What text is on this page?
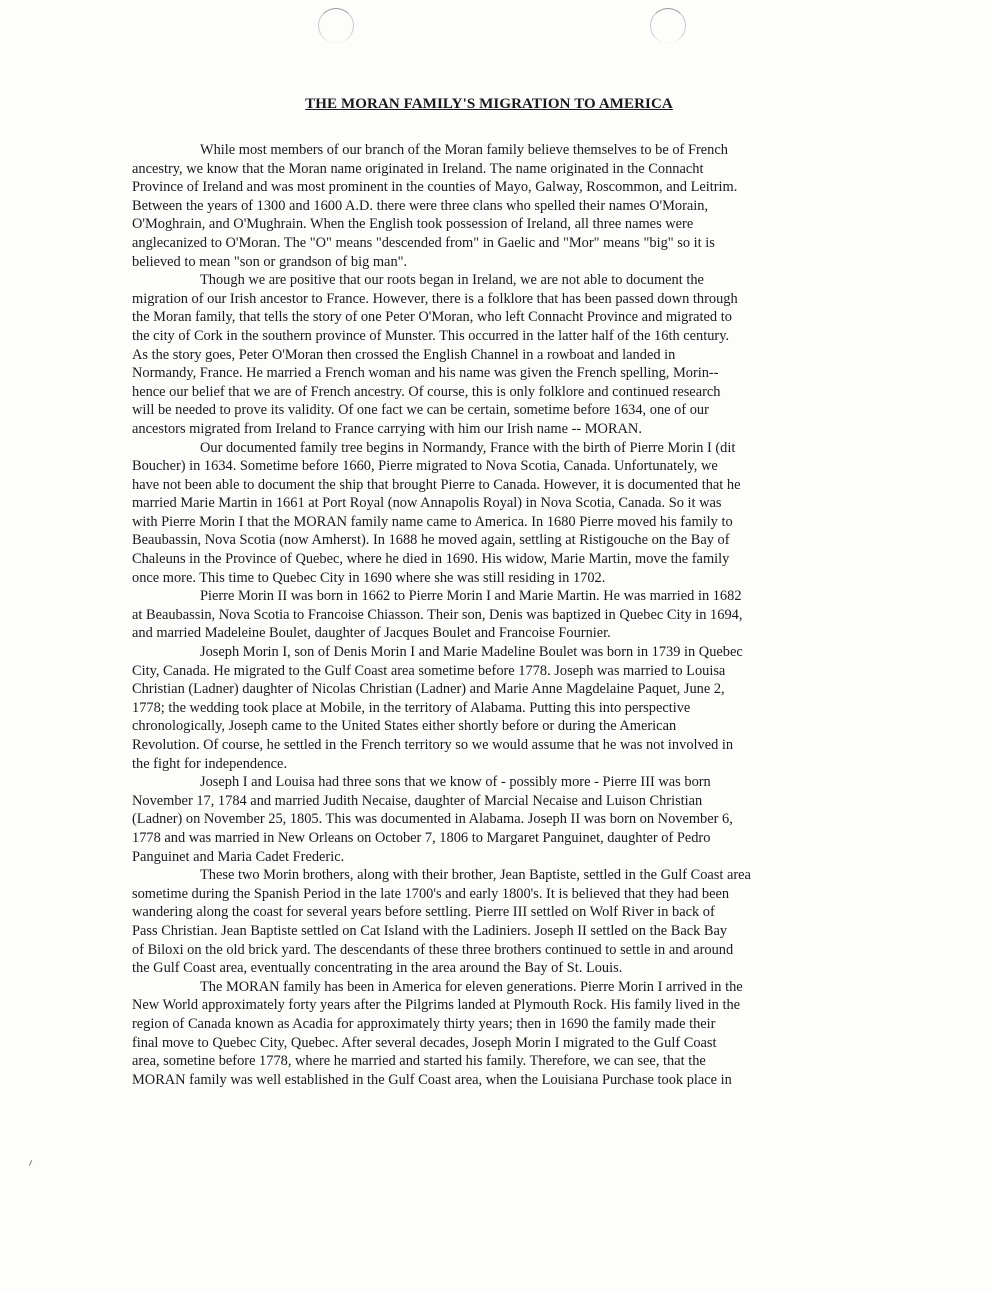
THE MORAN FAMILY'S MIGRATION TO AMERICA

While most members of our branch of the Moran family believe themselves to be of French
ancestry, we know that the Moran name originated in Ireland. The name originated in the Connacht
Province of Ireland and was most prominent in the counties of Mayo, Galway, Roscommon, and Leitrim.
Between the years of 1300 and 1600 A.D. there were three clans who spelled their names O'Morain,
O'Moghrain, and O'Mughrain. When the English took possession of Ireland, all three names were
anglecanized to O'Moran. The "O" means "descended from" in Gaelic and "Mor" means "big" so it is
believed to mean "son or grandson of big man".

Though we are positive that our roots began in Ireland, we are not able to document the
migration of our Irish ancestor to France. However, there is a folklore that has been passed down through
the Moran family, that tells the story of one Peter O'Moran, who left Connacht Province and migrated to
the city of Cork in the southern province of Munster. This occurred in the latter half of the 16th century.
As the story goes, Peter O'Moran then crossed the English Channel in a rowboat and landed in
Normandy, France. He married a French woman and his name was given the French spelling, Morin--
hence our belief that we are of French ancestry. Of course, this is only folklore and continued research
will be needed to prove its validity. Of one fact we can be certain, sometime before 1634, one of our
ancestors migrated from Ireland to France carrying with him our Irish name -- MORAN.

Our documented family tree begins in Normandy, France with the birth of Pierre Morin I (dit
Boucher) in 1634. Sometime before 1660, Pierre migrated to Nova Scotia, Canada. Unfortunately, we
have not been able to document the ship that brought Pierre to Canada. However, it is documented that he
married Marie Martin in 1661 at Port Royal (now Annapolis Royal) in Nova Scotia, Canada. So it was
with Pierre Morin I that the MORAN family name came to America. In 1680 Pierre moved his family to
Beaubassin, Nova Scotia (now Amherst). In 1688 he moved again, settling at Ristigouche on the Bay of
Chaleuns in the Province of Quebec, where he died in 1690. His widow, Marie Martin, move the family
once more. This time to Quebec City in 1690 where she was still residing in 1702.

Pierre Morin II was born in 1662 to Pierre Morin I and Marie Martin. He was married in 1682
at Beaubassin, Nova Scotia to Francoise Chiasson. Their son, Denis was baptized in Quebec City in 1694,
and married Madeleine Boulet, daughter of Jacques Boulet and Francoise Fournier.

Joseph Morin I, son of Denis Morin I and Marie Madeline Boulet was born in 1739 in Quebec
City, Canada. He migrated to the Gulf Coast area sometime before 1778. Joseph was married to Louisa
Christian (Ladner) daughter of Nicolas Christian (Ladner) and Marie Anne Magdelaine Paquet, June 2,
1778; the wedding took place at Mobile, in the territory of Alabama. Putting this into perspective
chronologically, Joseph came to the United States either shortly before or during the American
Revolution. Of course, he settled in the French territory so we would assume that he was not involved in
the fight for independence.

Joseph I and Louisa had three sons that we know of - possibly more - Pierre III was born
November 17, 1784 and married Judith Necaise, daughter of Marcial Necaise and Luison Christian
(Ladner) on November 25, 1805. This was documented in Alabama. Joseph II was born on November 6,
1778 and was married in New Orleans on October 7, 1806 to Margaret Panguinet, daughter of Pedro
Panguinet and Maria Cadet Frederic.

These two Morin brothers, along with their brother, Jean Baptiste, settled in the Gulf Coast area
sometime during the Spanish Period in the late 1700's and early 1800's. It is believed that they had been
wandering along the coast for several years before settling. Pierre III settled on Wolf River in back of
Pass Christian. Jean Baptiste settled on Cat Island with the Ladiniers. Joseph II settled on the Back Bay
of Biloxi on the old brick yard. The descendants of these three brothers continued to settle in and around
the Gulf Coast area, eventually concentrating in the area around the Bay of St. Louis.

The MORAN family has been in America for eleven generations. Pierre Morin I arrived in the
New World approximately forty years after the Pilgrims landed at Plymouth Rock. His family lived in the
region of Canada known as Acadia for approximately thirty years; then in 1690 the family made their
final move to Quebec City, Quebec. After several decades, Joseph Morin I migrated to the Gulf Coast
area, sometine before 1778, where he married and started his family. Therefore, we can see, that the
MORAN family was well established in the Gulf Coast area, when the Louisiana Purchase took place in
